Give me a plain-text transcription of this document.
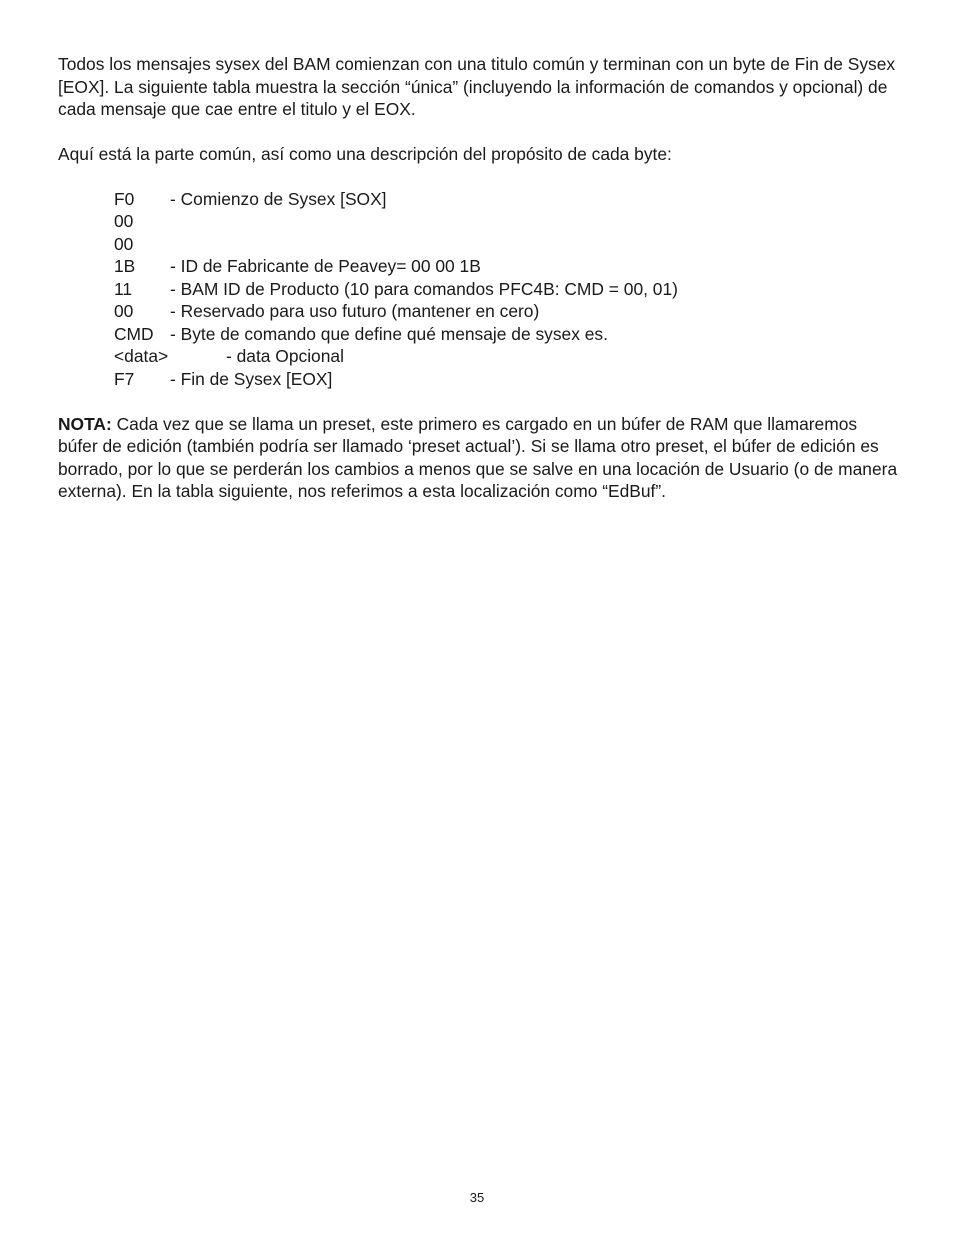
Todos los mensajes sysex del BAM comienzan con una titulo común y terminan con un byte de Fin de Sysex [EOX]. La siguiente tabla muestra la sección “única” (incluyendo la información de comandos y opcional) de cada mensaje que cae entre el titulo y el EOX.

Aquí está la parte común, así como una descripción del propósito de cada byte:

F0	- Comienzo de Sysex [SOX]
00
00
1B	- ID de Fabricante de Peavey= 00 00 1B
11	- BAM ID de Producto (10 para comandos PFC4B: CMD = 00, 01)
00	- Reservado para uso futuro (mantener en cero)
CMD - Byte de comando que define qué mensaje de sysex es.
<data>	- data Opcional
F7	- Fin de Sysex [EOX]

NOTA: Cada vez que se llama un preset, este primero es cargado en un búfer de RAM que llamaremos búfer de edición (también podría ser llamado ‘preset actual’). Si se llama otro preset, el búfer de edición es borrado, por lo que se perderán los cambios a menos que se salve en una locación de Usuario (o de manera externa). En la tabla siguiente, nos referimos a esta localización como “EdBuf”.

35
